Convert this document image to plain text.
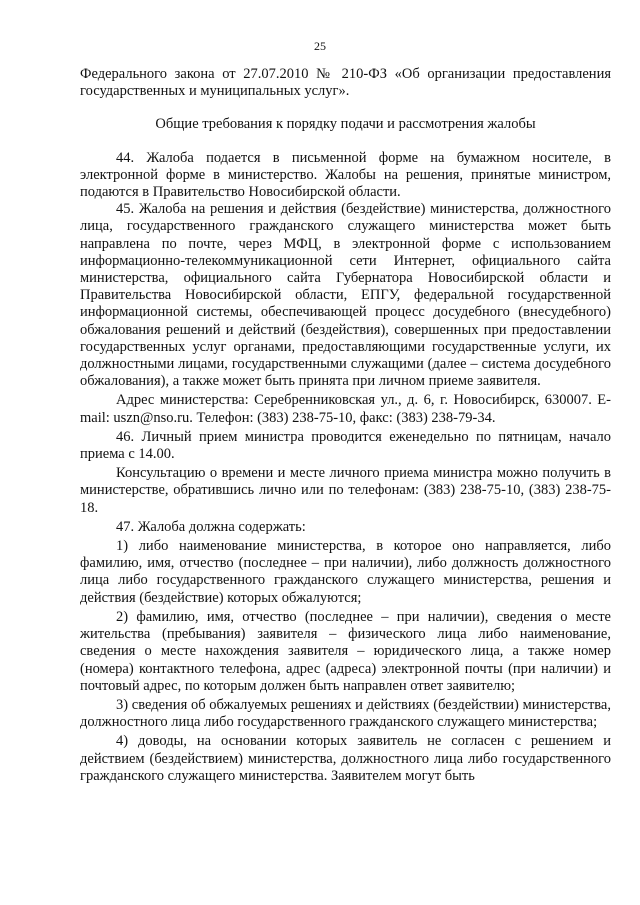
25

Федерального закона от 27.07.2010 № 210-ФЗ «Об организации предоставления государственных и муниципальных услуг».

Общие требования к порядку подачи и рассмотрения жалобы

44. Жалоба подается в письменной форме на бумажном носителе, в электронной форме в министерство. Жалобы на решения, принятые министром, подаются в Правительство Новосибирской области.

45. Жалоба на решения и действия (бездействие) министерства, должностного лица, государственного гражданского служащего министерства может быть направлена по почте, через МФЦ, в электронной форме с использованием информационно-телекоммуникационной сети Интернет, официального сайта министерства, официального сайта Губернатора Новосибирской области и Правительства Новосибирской области, ЕПГУ, федеральной государственной информационной системы, обеспечивающей процесс досудебного (внесудебного) обжалования решений и действий (бездействия), совершенных при предоставлении государственных услуг органами, предоставляющими государственные услуги, их должностными лицами, государственными служащими (далее – система досудебного обжалования), а также может быть принята при личном приеме заявителя.

Адрес министерства: Серебренниковская ул., д. 6, г. Новосибирск, 630007. E-mail: uszn@nso.ru. Телефон: (383) 238-75-10, факс: (383) 238-79-34.

46. Личный прием министра проводится еженедельно по пятницам, начало приема с 14.00.

Консультацию о времени и месте личного приема министра можно получить в министерстве, обратившись лично или по телефонам: (383) 238-75-10, (383) 238-75-18.

47. Жалоба должна содержать:

1) либо наименование министерства, в которое оно направляется, либо фамилию, имя, отчество (последнее – при наличии), либо должность должностного лица либо государственного гражданского служащего министерства, решения и действия (бездействие) которых обжалуются;

2) фамилию, имя, отчество (последнее – при наличии), сведения о месте жительства (пребывания) заявителя – физического лица либо наименование, сведения о месте нахождения заявителя – юридического лица, а также номер (номера) контактного телефона, адрес (адреса) электронной почты (при наличии) и почтовый адрес, по которым должен быть направлен ответ заявителю;

3) сведения об обжалуемых решениях и действиях (бездействии) министерства, должностного лица либо государственного гражданского служащего министерства;

4) доводы, на основании которых заявитель не согласен с решением и действием (бездействием) министерства, должностного лица либо государственного гражданского служащего министерства. Заявителем могут быть
